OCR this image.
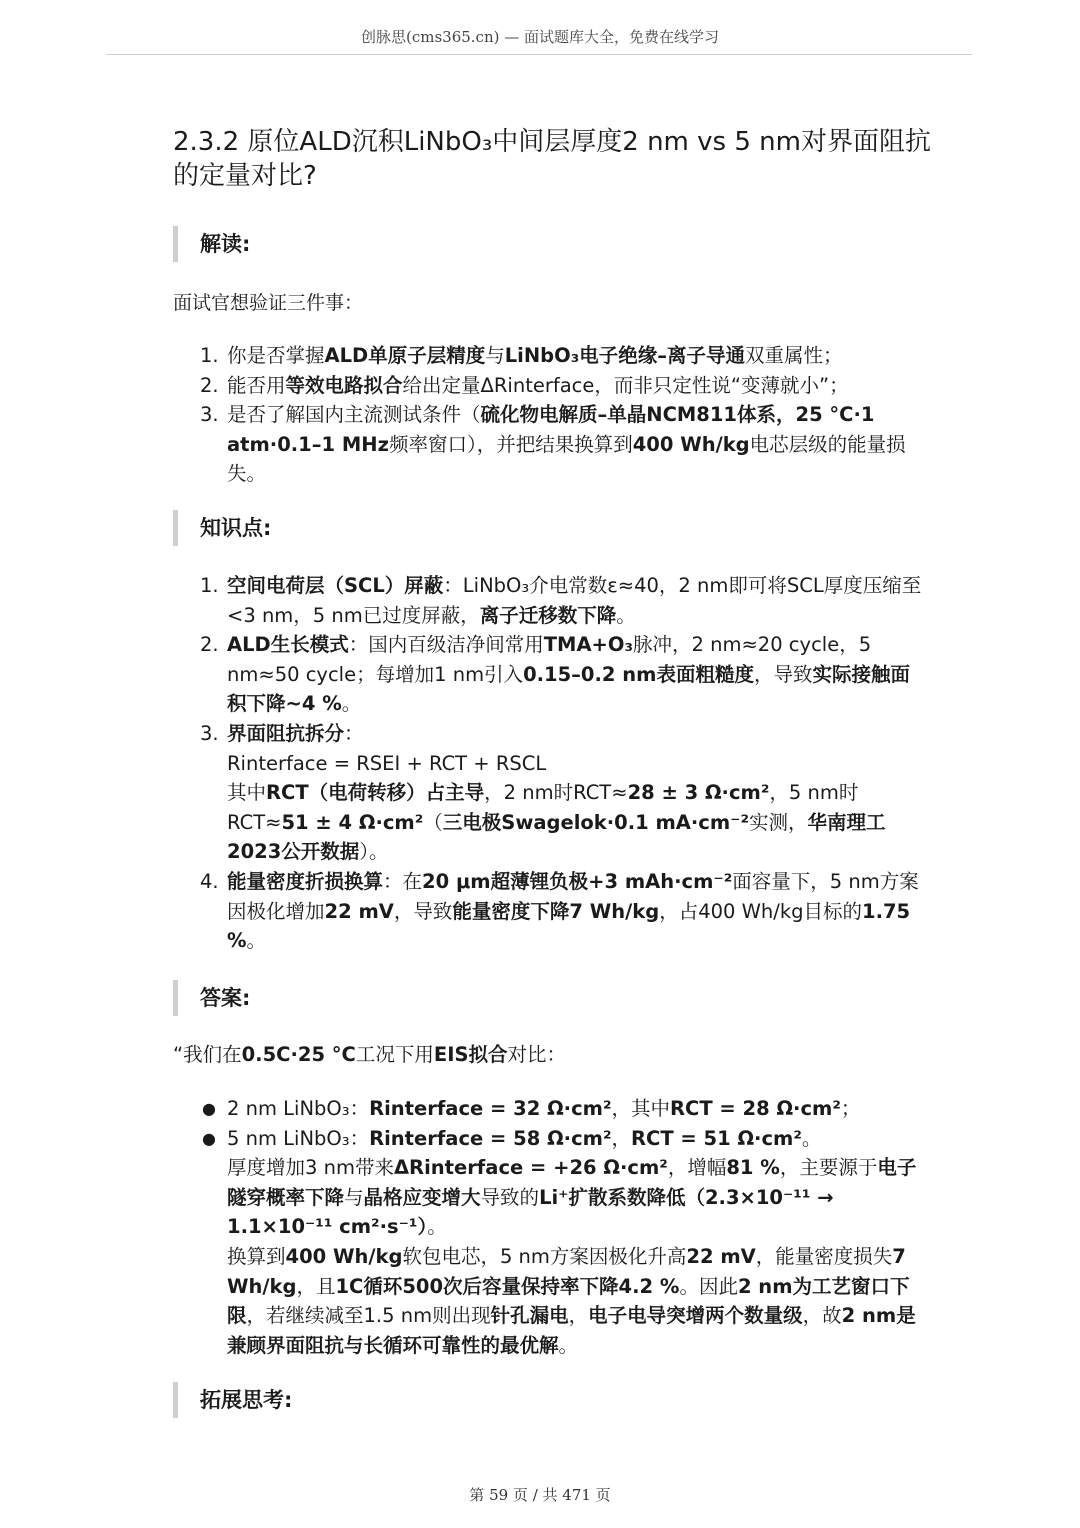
创脉思(cms365.cn) — 面试题库大全，免费在线学习
2.3.2 原位ALD沉积LiNbO₃中间层厚度2 nm vs 5 nm对界面阻抗的定量对比?
解读:
面试官想验证三件事：
1. 你是否掌握ALD单原子层精度与LiNbO₃电子绝缘–离子导通双重属性；
2. 能否用等效电路拟合给出定量ΔRinterface，而非只定性说“变薄就小”；
3. 是否了解国内主流测试条件（硫化物电解质–单晶NCM811体系，25 °C·1 atm·0.1–1 MHz频率窗口），并把结果换算到400 Wh/kg电芯层级的能量损失。
知识点:
1. 空间电荷层（SCL）屏蔽：LiNbO₃介电常数ε≈40，2 nm即可将SCL厚度压缩至<3 nm，5 nm已过度屏蔽，离子迁移数下降。
2. ALD生长模式：国内百级洁净间常用TMA+O₃脉冲，2 nm≈20 cycle，5 nm≈50 cycle；每增加1 nm引入0.15–0.2 nm表面粗糙度，导致实际接触面积下降~4 %。
3. 界面阻抗拆分：
Rinterface = RSEI + RCT + RSCL
其中RCT（电荷转移）占主导，2 nm时RCT≈28 ± 3 Ω·cm²，5 nm时RCT≈51 ± 4 Ω·cm²（三电极Swagelok·0.1 mA·cm⁻²实测，华南理工2023公开数据）。
4. 能量密度折损换算：在20 μm超薄锂负极+3 mAh·cm⁻²面容量下，5 nm方案因极化增加22 mV，导致能量密度下降7 Wh/kg，占400 Wh/kg目标的1.75 %。
答案:
“我们在0.5C·25 °C工况下用EIS拟合对比：
● 2 nm LiNbO₃：Rinterface = 32 Ω·cm²，其中RCT = 28 Ω·cm²；
● 5 nm LiNbO₃：Rinterface = 58 Ω·cm²，RCT = 51 Ω·cm²。
厚度增加3 nm带来ΔRinterface = +26 Ω·cm²，增幅81 %，主要源于电子隧穿概率下降与晶格应变增大导致的Li⁺扩散系数降低（2.3×10⁻¹¹ → 1.1×10⁻¹¹ cm²·s⁻¹）。
换算到400 Wh/kg软包电芯，5 nm方案因极化升高22 mV，能量密度损失7 Wh/kg，且1C循环500次后容量保持率下降4.2 %。因此2 nm为工艺窗口下限，若继续减至1.5 nm则出现针孔漏电，电子电导突增两个数量级，故2 nm是兼顾界面阻抗与长循环可靠性的最优解。
拓展思考:
第 59 页 / 共 471 页
